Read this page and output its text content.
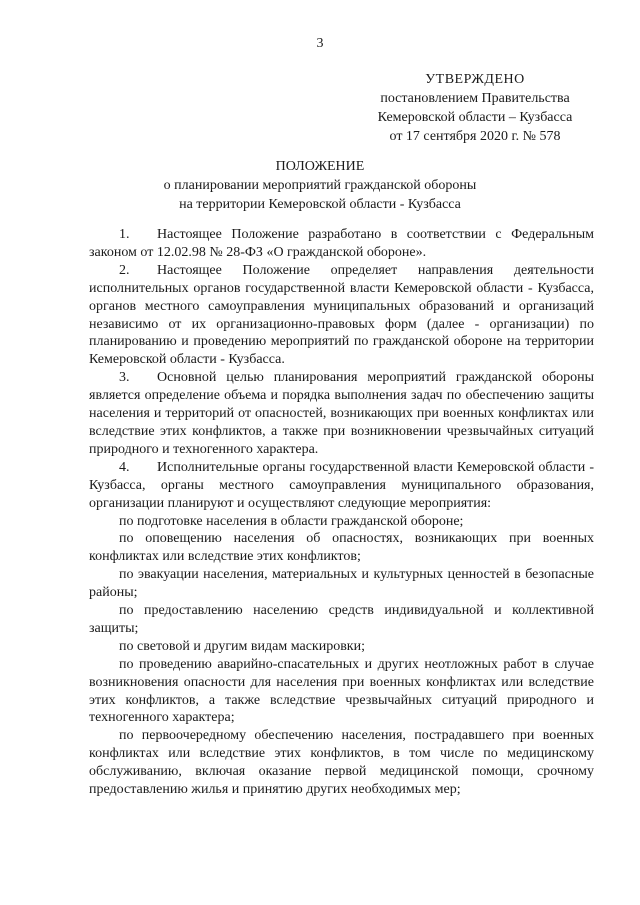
3
УТВЕРЖДЕНО
постановлением Правительства
Кемеровской области – Кузбасса
от 17 сентября 2020 г. № 578
ПОЛОЖЕНИЕ
о планировании мероприятий гражданской обороны
на территории Кемеровской области - Кузбасса

1. Настоящее Положение разработано в соответствии с Федеральным законом от 12.02.98 № 28-ФЗ «О гражданской обороне».

2. Настоящее Положение определяет направления деятельности исполнительных органов государственной власти Кемеровской области - Кузбасса, органов местного самоуправления муниципальных образований и организаций независимо от их организационно-правовых форм (далее - организации) по планированию и проведению мероприятий по гражданской обороне на территории Кемеровской области - Кузбасса.

3. Основной целью планирования мероприятий гражданской обороны является определение объема и порядка выполнения задач по обеспечению защиты населения и территорий от опасностей, возникающих при военных конфликтах или вследствие этих конфликтов, а также при возникновении чрезвычайных ситуаций природного и техногенного характера.

4. Исполнительные органы государственной власти Кемеровской области - Кузбасса, органы местного самоуправления муниципального образования, организации планируют и осуществляют следующие мероприятия:

по подготовке населения в области гражданской обороне;

по оповещению населения об опасностях, возникающих при военных конфликтах или вследствие этих конфликтов;

по эвакуации населения, материальных и культурных ценностей в безопасные районы;

по предоставлению населению средств индивидуальной и коллективной защиты;

по световой и другим видам маскировки;

по проведению аварийно-спасательных и других неотложных работ в случае возникновения опасности для населения при военных конфликтах или вследствие этих конфликтов, а также вследствие чрезвычайных ситуаций природного и техногенного характера;

по первоочередному обеспечению населения, пострадавшего при военных конфликтах или вследствие этих конфликтов, в том числе по медицинскому обслуживанию, включая оказание первой медицинской помощи, срочному предоставлению жилья и принятию других необходимых мер;
